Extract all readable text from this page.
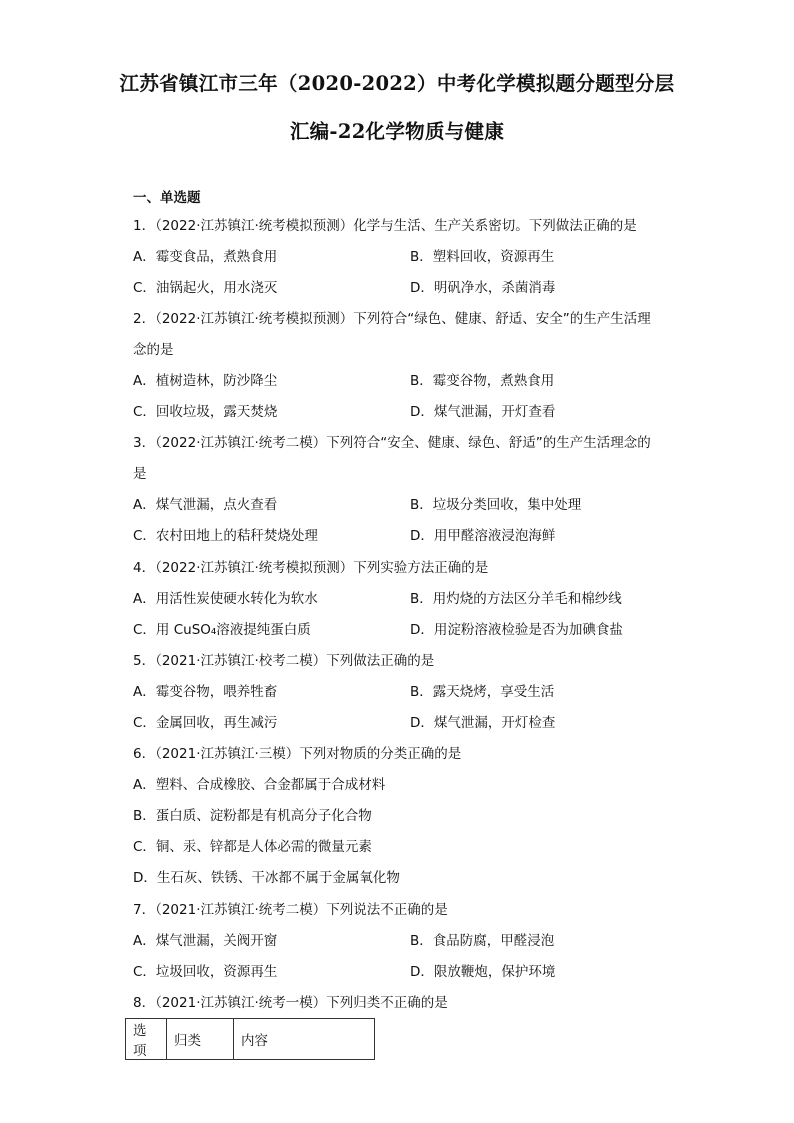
江苏省镇江市三年（2020-2022）中考化学模拟题分题型分层
汇编-22化学物质与健康
一、单选题
1．（2022·江苏镇江·统考模拟预测）化学与生活、生产关系密切。下列做法正确的是
A．霉变食品，煮熟食用	B．塑料回收，资源再生
C．油锅起火，用水浇灭	D．明矾净水，杀菌消毒
2．（2022·江苏镇江·统考模拟预测）下列符合“绿色、健康、舒适、安全”的生产生活理
念的是
A．植树造林，防沙降尘	B．霉变谷物，煮熟食用
C．回收垃圾，露天焚烧	D．煤气泄漏，开灯查看
3．（2022·江苏镇江·统考二模）下列符合“安全、健康、绿色、舒适”的生产生活理念的
是
A．煤气泄漏，点火查看	B．垃圾分类回收，集中处理
C．农村田地上的秸秆焚烧处理	D．用甲醛溶液浸泡海鲜
4．（2022·江苏镇江·统考模拟预测）下列实验方法正确的是
A．用活性炭使硬水转化为软水	B．用灼烧的方法区分羊毛和棉纱线
C．用 CuSO₄溶液提纯蛋白质	D．用淀粉溶液检验是否为加碘食盐
5．（2021·江苏镇江·校考二模）下列做法正确的是
A．霉变谷物，喂养牲畜	B．露天烧烤，享受生活
C．金属回收，再生减污	D．煤气泄漏，开灯检查
6．（2021·江苏镇江·三模）下列对物质的分类正确的是
A．塑料、合成橡胶、合金都属于合成材料
B．蛋白质、淀粉都是有机高分子化合物
C．铜、汞、锌都是人体必需的微量元素
D．生石灰、铁锈、干冰都不属于金属氧化物
7．（2021·江苏镇江·统考二模）下列说法不正确的是
A．煤气泄漏，关阀开窗	B．食品防腐，甲醛浸泡
C．垃圾回收，资源再生	D．限放鞭炮，保护环境
8．（2021·江苏镇江·统考一模）下列归类不正确的是
选项	归类	内容
